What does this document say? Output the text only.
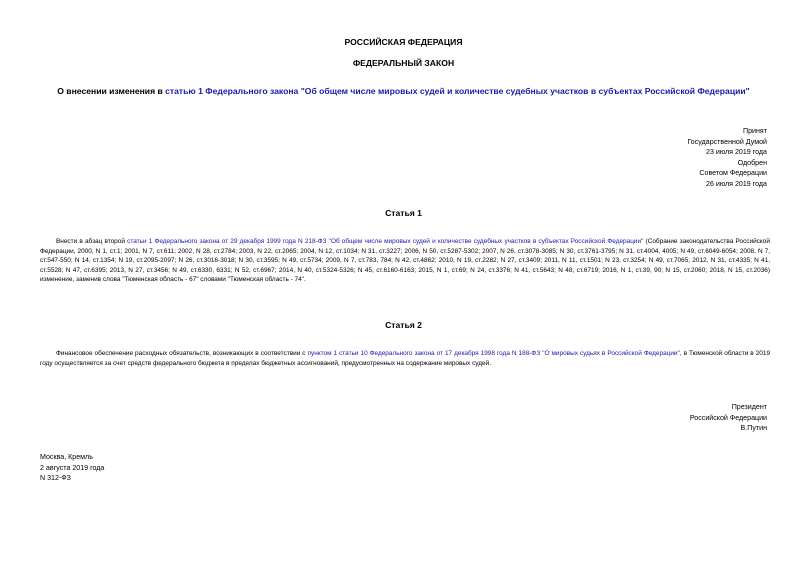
РОССИЙСКАЯ ФЕДЕРАЦИЯ
ФЕДЕРАЛЬНЫЙ ЗАКОН
О внесении изменения в статью 1 Федерального закона "Об общем числе мировых судей и количестве судебных участков в субъектах Российской Федерации"
Принят
Государственной Думой
23 июля 2019 года
Одобрен
Советом Федерации
26 июля 2019 года
Статья 1
Внести в абзац второй статьи 1 Федерального закона от 29 декабря 1999 года N 218-ФЗ "Об общем числе мировых судей и количестве судебных участков в субъектах Российской Федерации" (Собрание законодательства Российской Федерации, 2000, N 1, ст.1; 2001, N 7, ст.611; 2002, N 28, ст.2784; 2003, N 22, ст.2065; 2004, N 12, ст.1034; N 31, ст.3227; 2006, N 50, ст.5287-5302; 2007, N 26, ст.3078-3085; N 30, ст.3761-3795; N 31, ст.4004, 4005; N 49, ст.6049-6054; 2008, N 7, ст.547-550; N 14, ст.1354; N 19, ст.2095-2097; N 26, ст.3016-3018; N 30, ст.3595; N 49, ст.5734; 2009, N 7, ст.783, 784; N 42, ст.4862; 2010, N 19, ст.2282; N 27, ст.3409; 2011, N 11, ст.1501; N 23, ст.3254; N 49, ст.7065; 2012, N 31, ст.4335; N 41, ст.5528; N 47, ст.6395; 2013, N 27, ст.3456; N 49, ст.6330, 6331; N 52, ст.6967; 2014, N 40, ст.5324-5326; N 45, ст.6160-6163; 2015, N 1, ст.69; N 24, ст.3376; N 41, ст.5643; N 48, ст.6719; 2016, N 1, ст.39, 90; N 15, ст.2060; 2018, N 15, ст.2036) изменение, заменив слова "Тюменская область - 67" словами "Тюменская область - 74".
Статья 2
Финансовое обеспечение расходных обязательств, возникающих в соответствии с пунктом 1 статьи 10 Федерального закона от 17 декабря 1998 года N 188-ФЗ "О мировых судьях в Российской Федерации", в Тюменской области в 2019 году осуществляется за счет средств федерального бюджета в пределах бюджетных ассигнований, предусмотренных на содержание мировых судей.
Президент
Российской Федерации
В.Путин
Москва, Кремль
2 августа 2019 года
N 312-ФЗ
